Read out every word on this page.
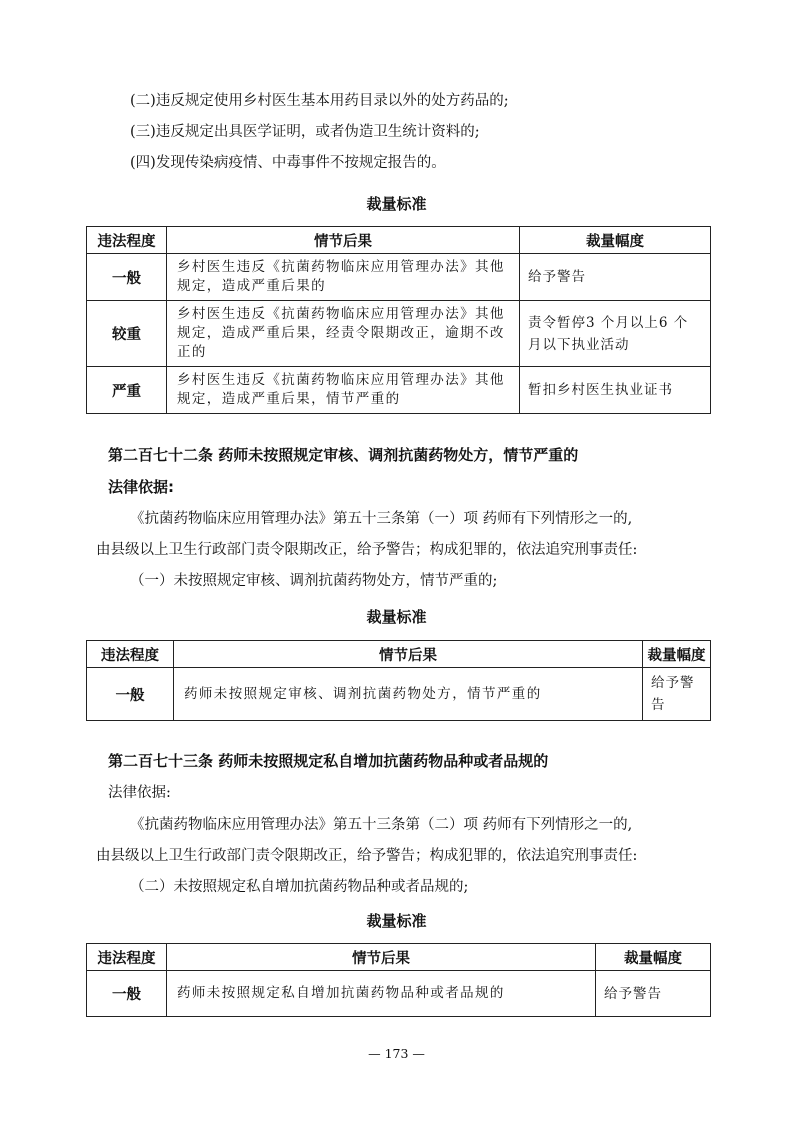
(二)违反规定使用乡村医生基本用药目录以外的处方药品的;
(三)违反规定出具医学证明，或者伪造卫生统计资料的;
(四)发现传染病疫情、中毒事件不按规定报告的。
裁量标准
违法程度	情节后果	裁量幅度
一般	乡村医生违反《抗菌药物临床应用管理办法》其他规定，造成严重后果的	给予警告
较重	乡村医生违反《抗菌药物临床应用管理办法》其他规定，造成严重后果，经责令限期改正，逾期不改正的	责令暂停3 个月以上6 个月以下执业活动
严重	乡村医生违反《抗菌药物临床应用管理办法》其他规定，造成严重后果，情节严重的	暂扣乡村医生执业证书
第二百七十二条 药师未按照规定审核、调剂抗菌药物处方，情节严重的
法律依据:
《抗菌药物临床应用管理办法》第五十三条第（一）项 药师有下列情形之一的,
由县级以上卫生行政部门责令限期改正，给予警告；构成犯罪的，依法追究刑事责任:
（一）未按照规定审核、调剂抗菌药物处方，情节严重的;
裁量标准
违法程度	情节后果	裁量幅度
一般	药师未按照规定审核、调剂抗菌药物处方，情节严重的	给予警告
第二百七十三条 药师未按照规定私自增加抗菌药物品种或者品规的
法律依据:
《抗菌药物临床应用管理办法》第五十三条第（二）项 药师有下列情形之一的,
由县级以上卫生行政部门责令限期改正，给予警告；构成犯罪的，依法追究刑事责任:
（二）未按照规定私自增加抗菌药物品种或者品规的;
裁量标准
违法程度	情节后果	裁量幅度
一般	药师未按照规定私自增加抗菌药物品种或者品规的	给予警告
— 173 —
